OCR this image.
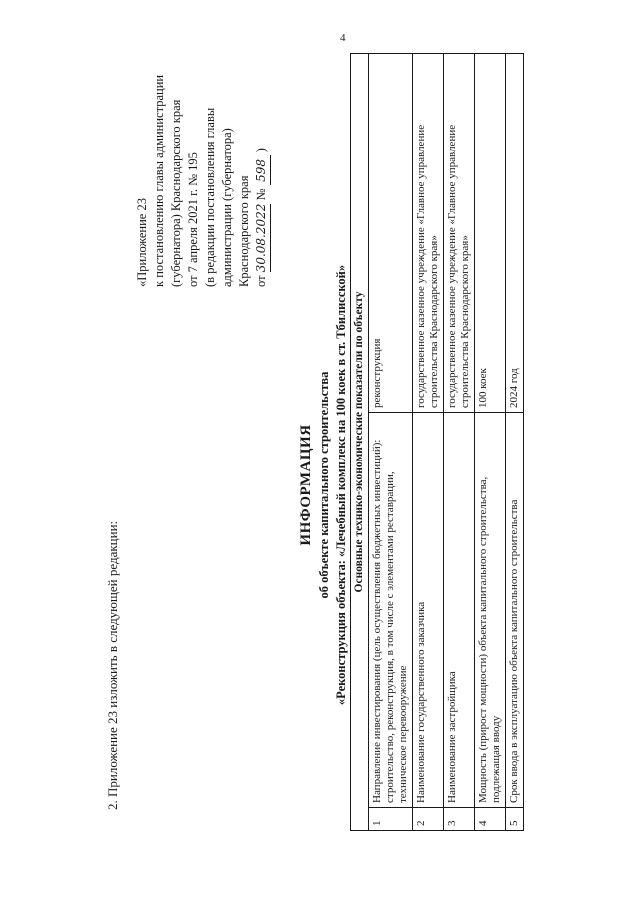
4
2. Приложение 23 изложить в следующей редакции:
«Приложение 23 к постановлению главы администрации (губернатора) Краснодарского края от 7 апреля 2021 г. № 195 (в редакции постановления главы администрации (губернатора) Краснодарского края от 30.08.2022 № 598 )
ИНФОРМАЦИЯ об объекте капитального строительства «Реконструкция объекта: «Лечебный комплекс на 100 коек в ст. Тбилисской» Основные технико-экономические показатели по объекту		
1	Направление инвестирования (цель осуществления бюджетных инвестиций): строительство, реконструкция, в том числе с элементами реставрации, техническое перевооружение	реконструкция
2	Наименование государственного заказчика	государственное казенное учреждение «Главное управление строительства Краснодарского края»
3	Наименование застройщика	государственное казенное учреждение «Главное управление строительства Краснодарского края»
4	Мощность (прирост мощности) объекта капитального строительства, подлежащая вводу	100 коек
5	Срок ввода в эксплуатацию объекта капитального строительства	2024 год
